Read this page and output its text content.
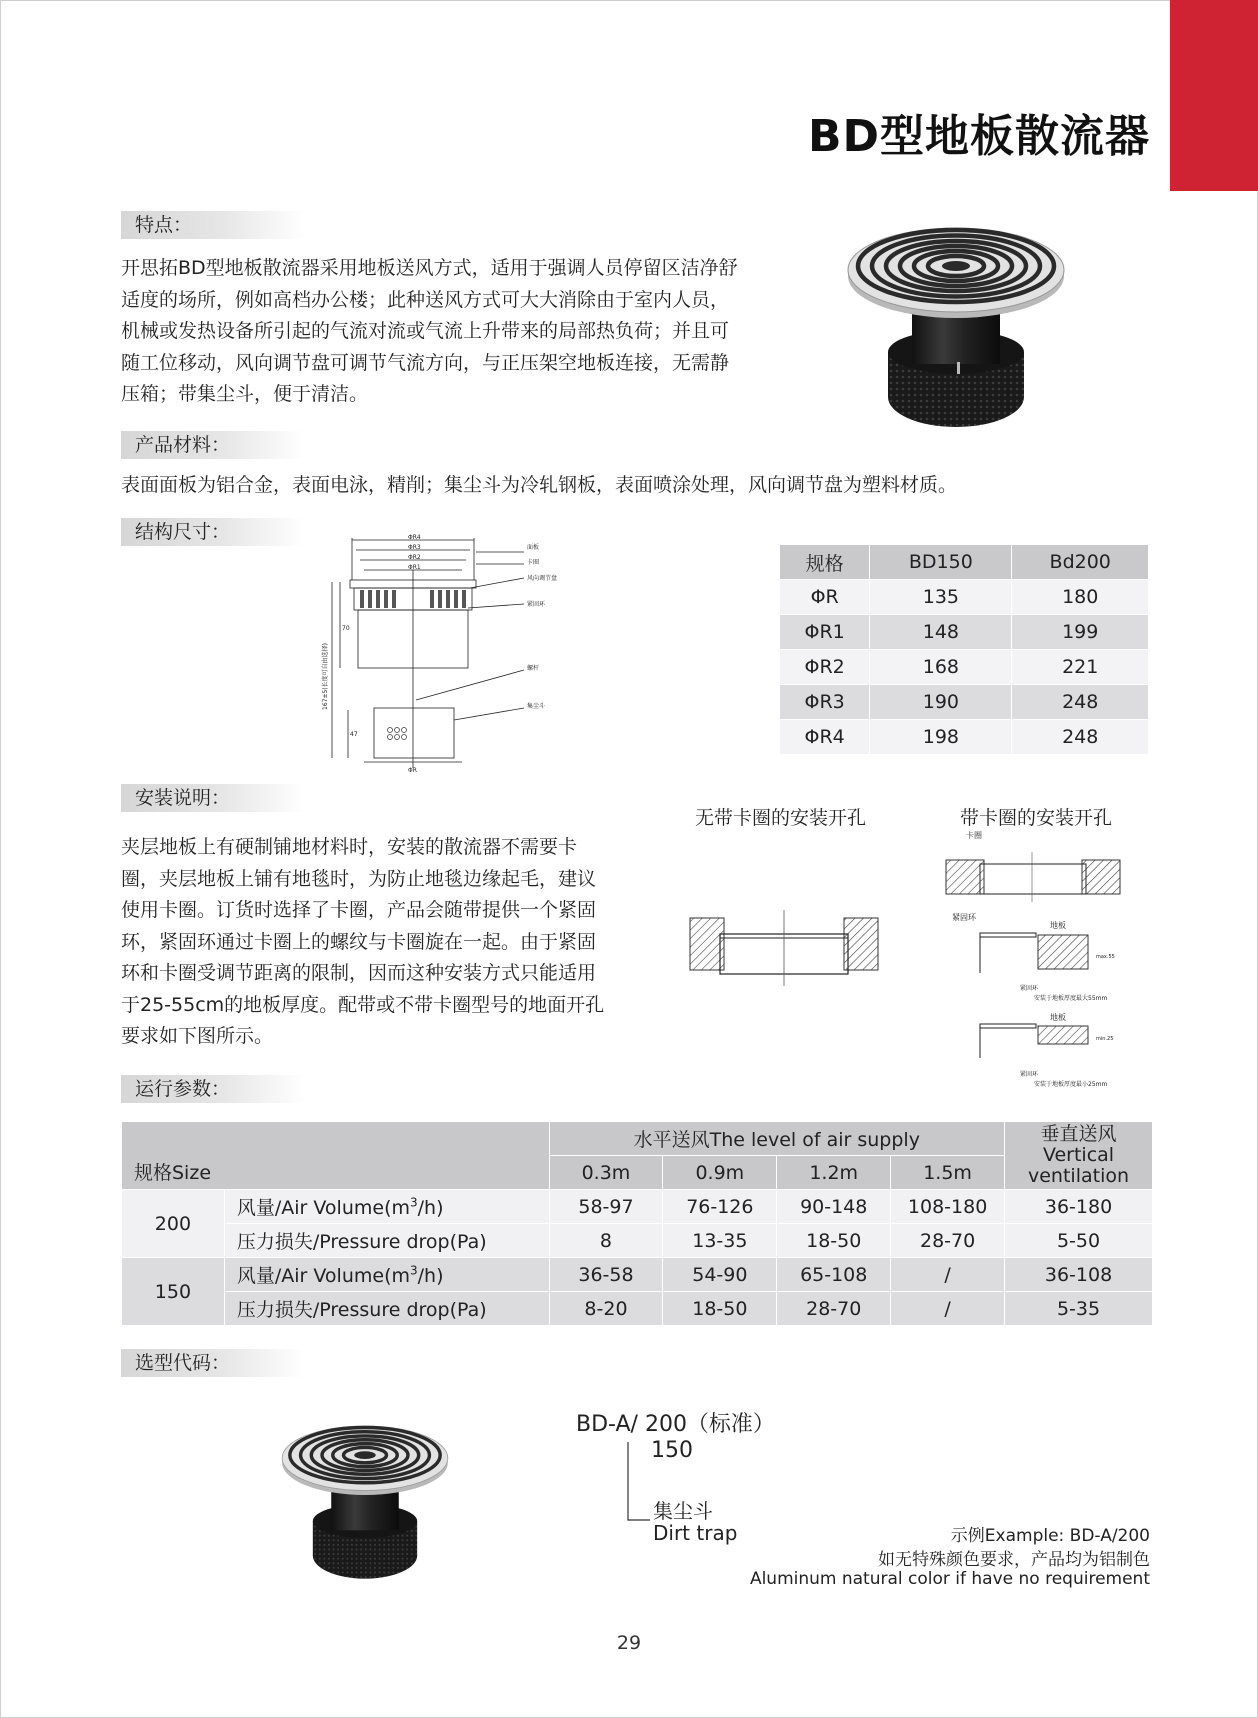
BD型地板散流器
特点：
开思拓BD型地板散流器采用地板送风方式，适用于强调人员停留区洁净舒
适度的场所，例如高档办公楼；此种送风方式可大大消除由于室内人员，
机械或发热设备所引起的气流对流或气流上升带来的局部热负荷；并且可
随工位移动，风向调节盘可调节气流方向，与正压架空地板连接，无需静
压箱；带集尘斗，便于清洁。
产品材料：
表面面板为铝合金，表面电泳，精削；集尘斗为冷轧钢板，表面喷涂处理，风向调节盘为塑料材质。
结构尺寸：	ΦR4
ΦR3
ΦR2
ΦR1
ΦR
面板
卡圈
风向调节盘
紧固环
螺杆
集尘斗
70
47
167±5(长度可自由选择)
规格	BD150	Bd200
ΦR	135	180
ΦR1	148	199
ΦR2	168	221
ΦR3	190	248
ΦR4	198	248
安装说明：
夹层地板上有硬制铺地材料时，安装的散流器不需要卡
圈，夹层地板上铺有地毯时，为防止地毯边缘起毛，建议
使用卡圈。订货时选择了卡圈，产品会随带提供一个紧固
环，紧固环通过卡圈上的螺纹与卡圈旋在一起。由于紧固
环和卡圈受调节距离的限制，因而这种安装方式只能适用
于25-55cm的地板厚度。配带或不带卡圈型号的地面开孔
要求如下图所示。
无带卡圈的安装开孔	带卡圈的安装开孔
卡圈
紧固环
地板
max.55
紧固环
安装于地板厚度最大55mm
地板
min.25
紧固环
安装于地板厚度最小25mm
运行参数：
规格Size		水平送风The level of air supply				垂直送风
Vertical
ventilation

		0.3m	0.9m	1.2m	1.5m	
200	风量/Air $Volume(m^3/h)$	58-97	76-126	90-148	108-180	36-180
	压力损失/Pressure drop(Pa)	8	13-35	18-50	28-70	5-50
150	风量/Air $Volume(m^3/h)$	36-58	54-90	65-108	/	36-108
	压力损失/Pressure drop(Pa)	8-20	18-50	28-70	/	5-35
选型代码：
BD-A/ 200（标准）
150
集尘斗
Dirt trap	示例Example: BD-A/200
如无特殊颜色要求，产品均为铝制色
Aluminum natural color if have no requirement
29
